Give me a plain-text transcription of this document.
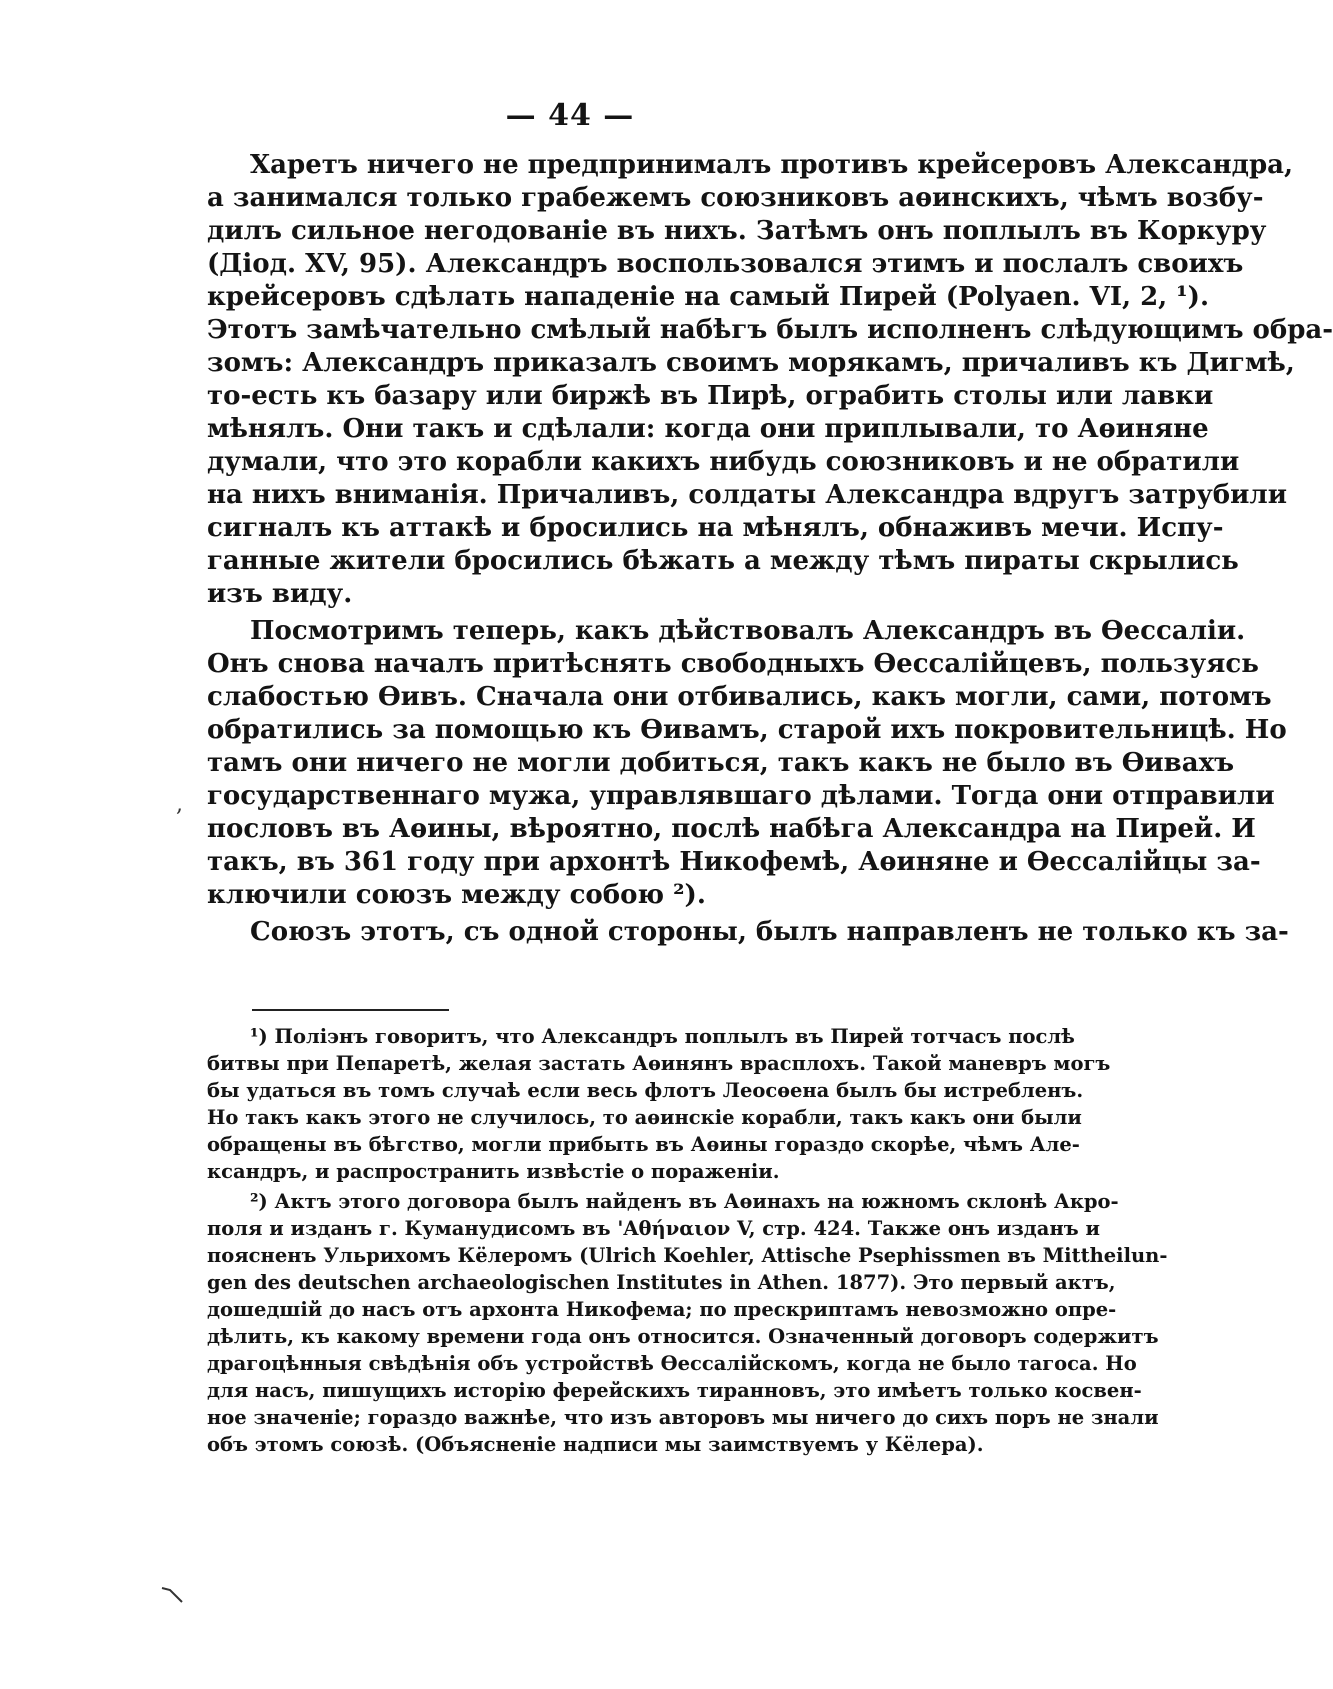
— 44 —
Харетъ ничего не предпринималъ противъ крейсеровъ Александра,
а занимался только грабежемъ союзниковъ аѳинскихъ, чѣмъ возбу-
дилъ сильное негодованіе въ нихъ. Затѣмъ онъ поплылъ въ Коркуру
(Діод. XV, 95). Александръ воспользовался этимъ и послалъ своихъ
крейсеровъ сдѣлать нападеніе на самый Пирей (Polyaen. VI, 2, ¹).
Этотъ замѣчательно смѣлый набѣгъ былъ исполненъ слѣдующимъ обра-
зомъ: Александръ приказалъ своимъ морякамъ, причаливъ къ Дигмѣ,
то-есть къ базару или биржѣ въ Пирѣ, ограбить столы или лавки
мѣнялъ. Они такъ и сдѣлали: когда они приплывали, то Аѳиняне
думали, что это корабли какихъ нибудь союзниковъ и не обратили
на нихъ вниманія. Причаливъ, солдаты Александра вдругъ затрубили
сигналъ къ аттакѣ и бросились на мѣнялъ, обнаживъ мечи. Испу-
ганные жители бросились бѣжать а между тѣмъ пираты скрылись
изъ виду.
Посмотримъ теперь, какъ дѣйствовалъ Александръ въ Ѳессаліи.
Онъ снова началъ притѣснять свободныхъ Ѳессалійцевъ, пользуясь
слабостью Ѳивъ. Сначала они отбивались, какъ могли, сами, потомъ
обратились за помощью къ Ѳивамъ, старой ихъ покровительницѣ. Но
тамъ они ничего не могли добиться, такъ какъ не было въ Ѳивахъ
государственнаго мужа, управлявшаго дѣлами. Тогда они отправили
пословъ въ Аѳины, вѣроятно, послѣ набѣга Александра на Пирей. И
такъ, въ 361 году при архонтѣ Никофемѣ, Аѳиняне и Ѳессалійцы за-
ключили союзъ между собою ²).
Союзъ этотъ, съ одной стороны, былъ направленъ не только къ за-
¹) Поліэнъ говоритъ, что Александръ поплылъ въ Пирей тотчасъ послѣ
битвы при Пепаретѣ, желая застать Аѳинянъ врасплохъ. Такой маневръ могъ
бы удаться въ томъ случаѣ если весь флотъ Леосѳена былъ бы истребленъ.
Но такъ какъ этого не случилось, то аѳинскіе корабли, такъ какъ они были
обращены въ бѣгство, могли прибыть въ Аѳины гораздо скорѣе, чѣмъ Але-
ксандръ, и распространить извѣстіе о пораженіи.
²) Актъ этого договора былъ найденъ въ Аѳинахъ на южномъ склонѣ Акро-
поля и изданъ г. Куманудисомъ въ 'Αθήναιον V, стр. 424. Также онъ изданъ и
поясненъ Ульрихомъ Кёлеромъ (Ulrich Koehler, Attische Psephissmen въ Mittheilun-
gen des deutschen archaeologischen Institutes in Athen. 1877). Это первый актъ,
дошедшій до насъ отъ архонта Никофема; по прескриптамъ невозможно опре-
дѣлить, къ какому времени года онъ относится. Означенный договоръ содержитъ
драгоцѣнныя свѣдѣнія объ устройствѣ Ѳессалійскомъ, когда не было тагоса. Но
для насъ, пишущихъ исторію ферейскихъ тиранновъ, это имѣетъ только косвен-
ное значеніе; гораздо важнѣе, что изъ авторовъ мы ничего до сихъ поръ не знали
объ этомъ союзѣ. (Объясненіе надписи мы заимствуемъ у Кёлера).
,
